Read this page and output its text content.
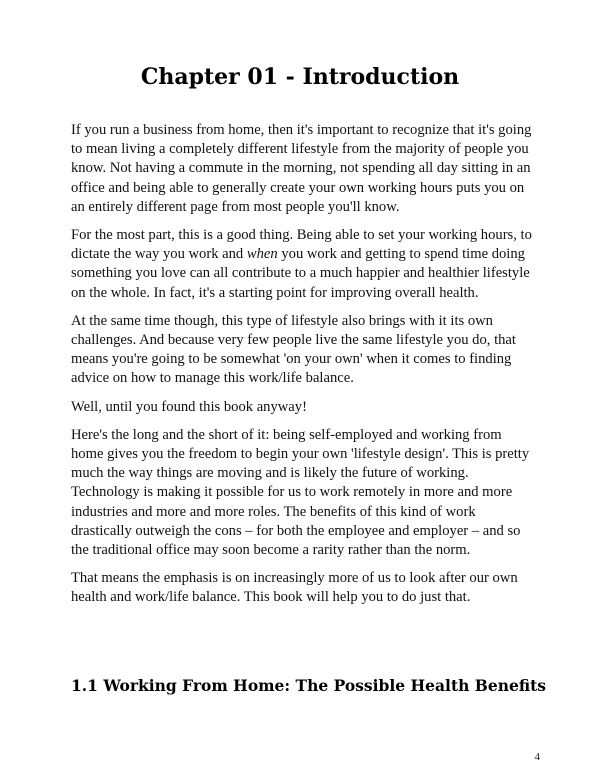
Chapter 01 - Introduction

If you run a business from home, then it's important to recognize that it's going to mean living a completely different lifestyle from the majority of people you know. Not having a commute in the morning, not spending all day sitting in an office and being able to generally create your own working hours puts you on an entirely different page from most people you'll know.

For the most part, this is a good thing. Being able to set your working hours, to dictate the way you work and when you work and getting to spend time doing something you love can all contribute to a much happier and healthier lifestyle on the whole. In fact, it's a starting point for improving overall health.

At the same time though, this type of lifestyle also brings with it its own challenges. And because very few people live the same lifestyle you do, that means you're going to be somewhat 'on your own' when it comes to finding advice on how to manage this work/life balance.

Well, until you found this book anyway!

Here's the long and the short of it: being self-employed and working from home gives you the freedom to begin your own 'lifestyle design'. This is pretty much the way things are moving and is likely the future of working. Technology is making it possible for us to work remotely in more and more industries and more and more roles. The benefits of this kind of work drastically outweigh the cons – for both the employee and employer – and so the traditional office may soon become a rarity rather than the norm.

That means the emphasis is on increasingly more of us to look after our own health and work/life balance. This book will help you to do just that.

1.1 Working From Home: The Possible Health Benefits
4
